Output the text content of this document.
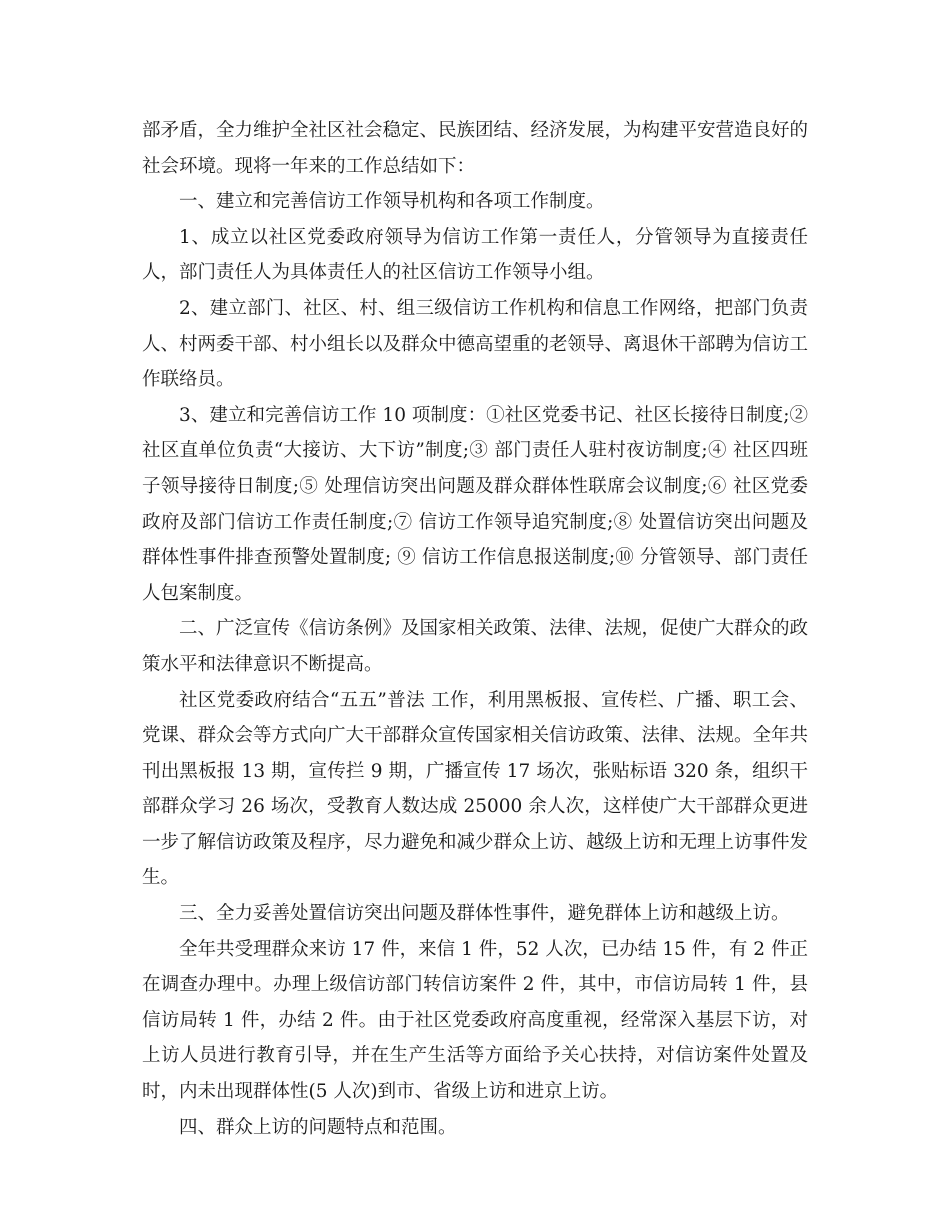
部矛盾，全力维护全社区社会稳定、民族团结、经济发展，为构建平安营造良好的社会环境。现将一年来的工作总结如下：

一、建立和完善信访工作领导机构和各项工作制度。

1、成立以社区党委政府领导为信访工作第一责任人，分管领导为直接责任人，部门责任人为具体责任人的社区信访工作领导小组。

2、建立部门、社区、村、组三级信访工作机构和信息工作网络，把部门负责人、村两委干部、村小组长以及群众中德高望重的老领导、离退休干部聘为信访工作联络员。

3、建立和完善信访工作 10 项制度：①社区党委书记、社区长接待日制度;②社区直单位负责“大接访、大下访”制度;③ 部门责任人驻村夜访制度;④ 社区四班子领导接待日制度;⑤ 处理信访突出问题及群众群体性联席会议制度;⑥ 社区党委政府及部门信访工作责任制度;⑦ 信访工作领导追究制度;⑧ 处置信访突出问题及群体性事件排查预警处置制度; ⑨ 信访工作信息报送制度;⑩ 分管领导、部门责任人包案制度。

二、广泛宣传《信访条例》及国家相关政策、法律、法规，促使广大群众的政策水平和法律意识不断提高。

社区党委政府结合“五五”普法 工作，利用黑板报、宣传栏、广播、职工会、党课、群众会等方式向广大干部群众宣传国家相关信访政策、法律、法规。全年共刊出黑板报 13 期，宣传拦 9 期，广播宣传 17 场次，张贴标语 320 条，组织干部群众学习 26 场次，受教育人数达成 25000 余人次，这样使广大干部群众更进一步了解信访政策及程序，尽力避免和减少群众上访、越级上访和无理上访事件发生。

三、全力妥善处置信访突出问题及群体性事件，避免群体上访和越级上访。

全年共受理群众来访 17 件，来信 1 件，52 人次，已办结 15 件，有 2 件正在调查办理中。办理上级信访部门转信访案件 2 件，其中，市信访局转 1 件，县信访局转 1 件，办结 2 件。由于社区党委政府高度重视，经常深入基层下访，对上访人员进行教育引导，并在生产生活等方面给予关心扶持，对信访案件处置及时，内未出现群体性(5 人次)到市、省级上访和进京上访。

四、群众上访的问题特点和范围。
